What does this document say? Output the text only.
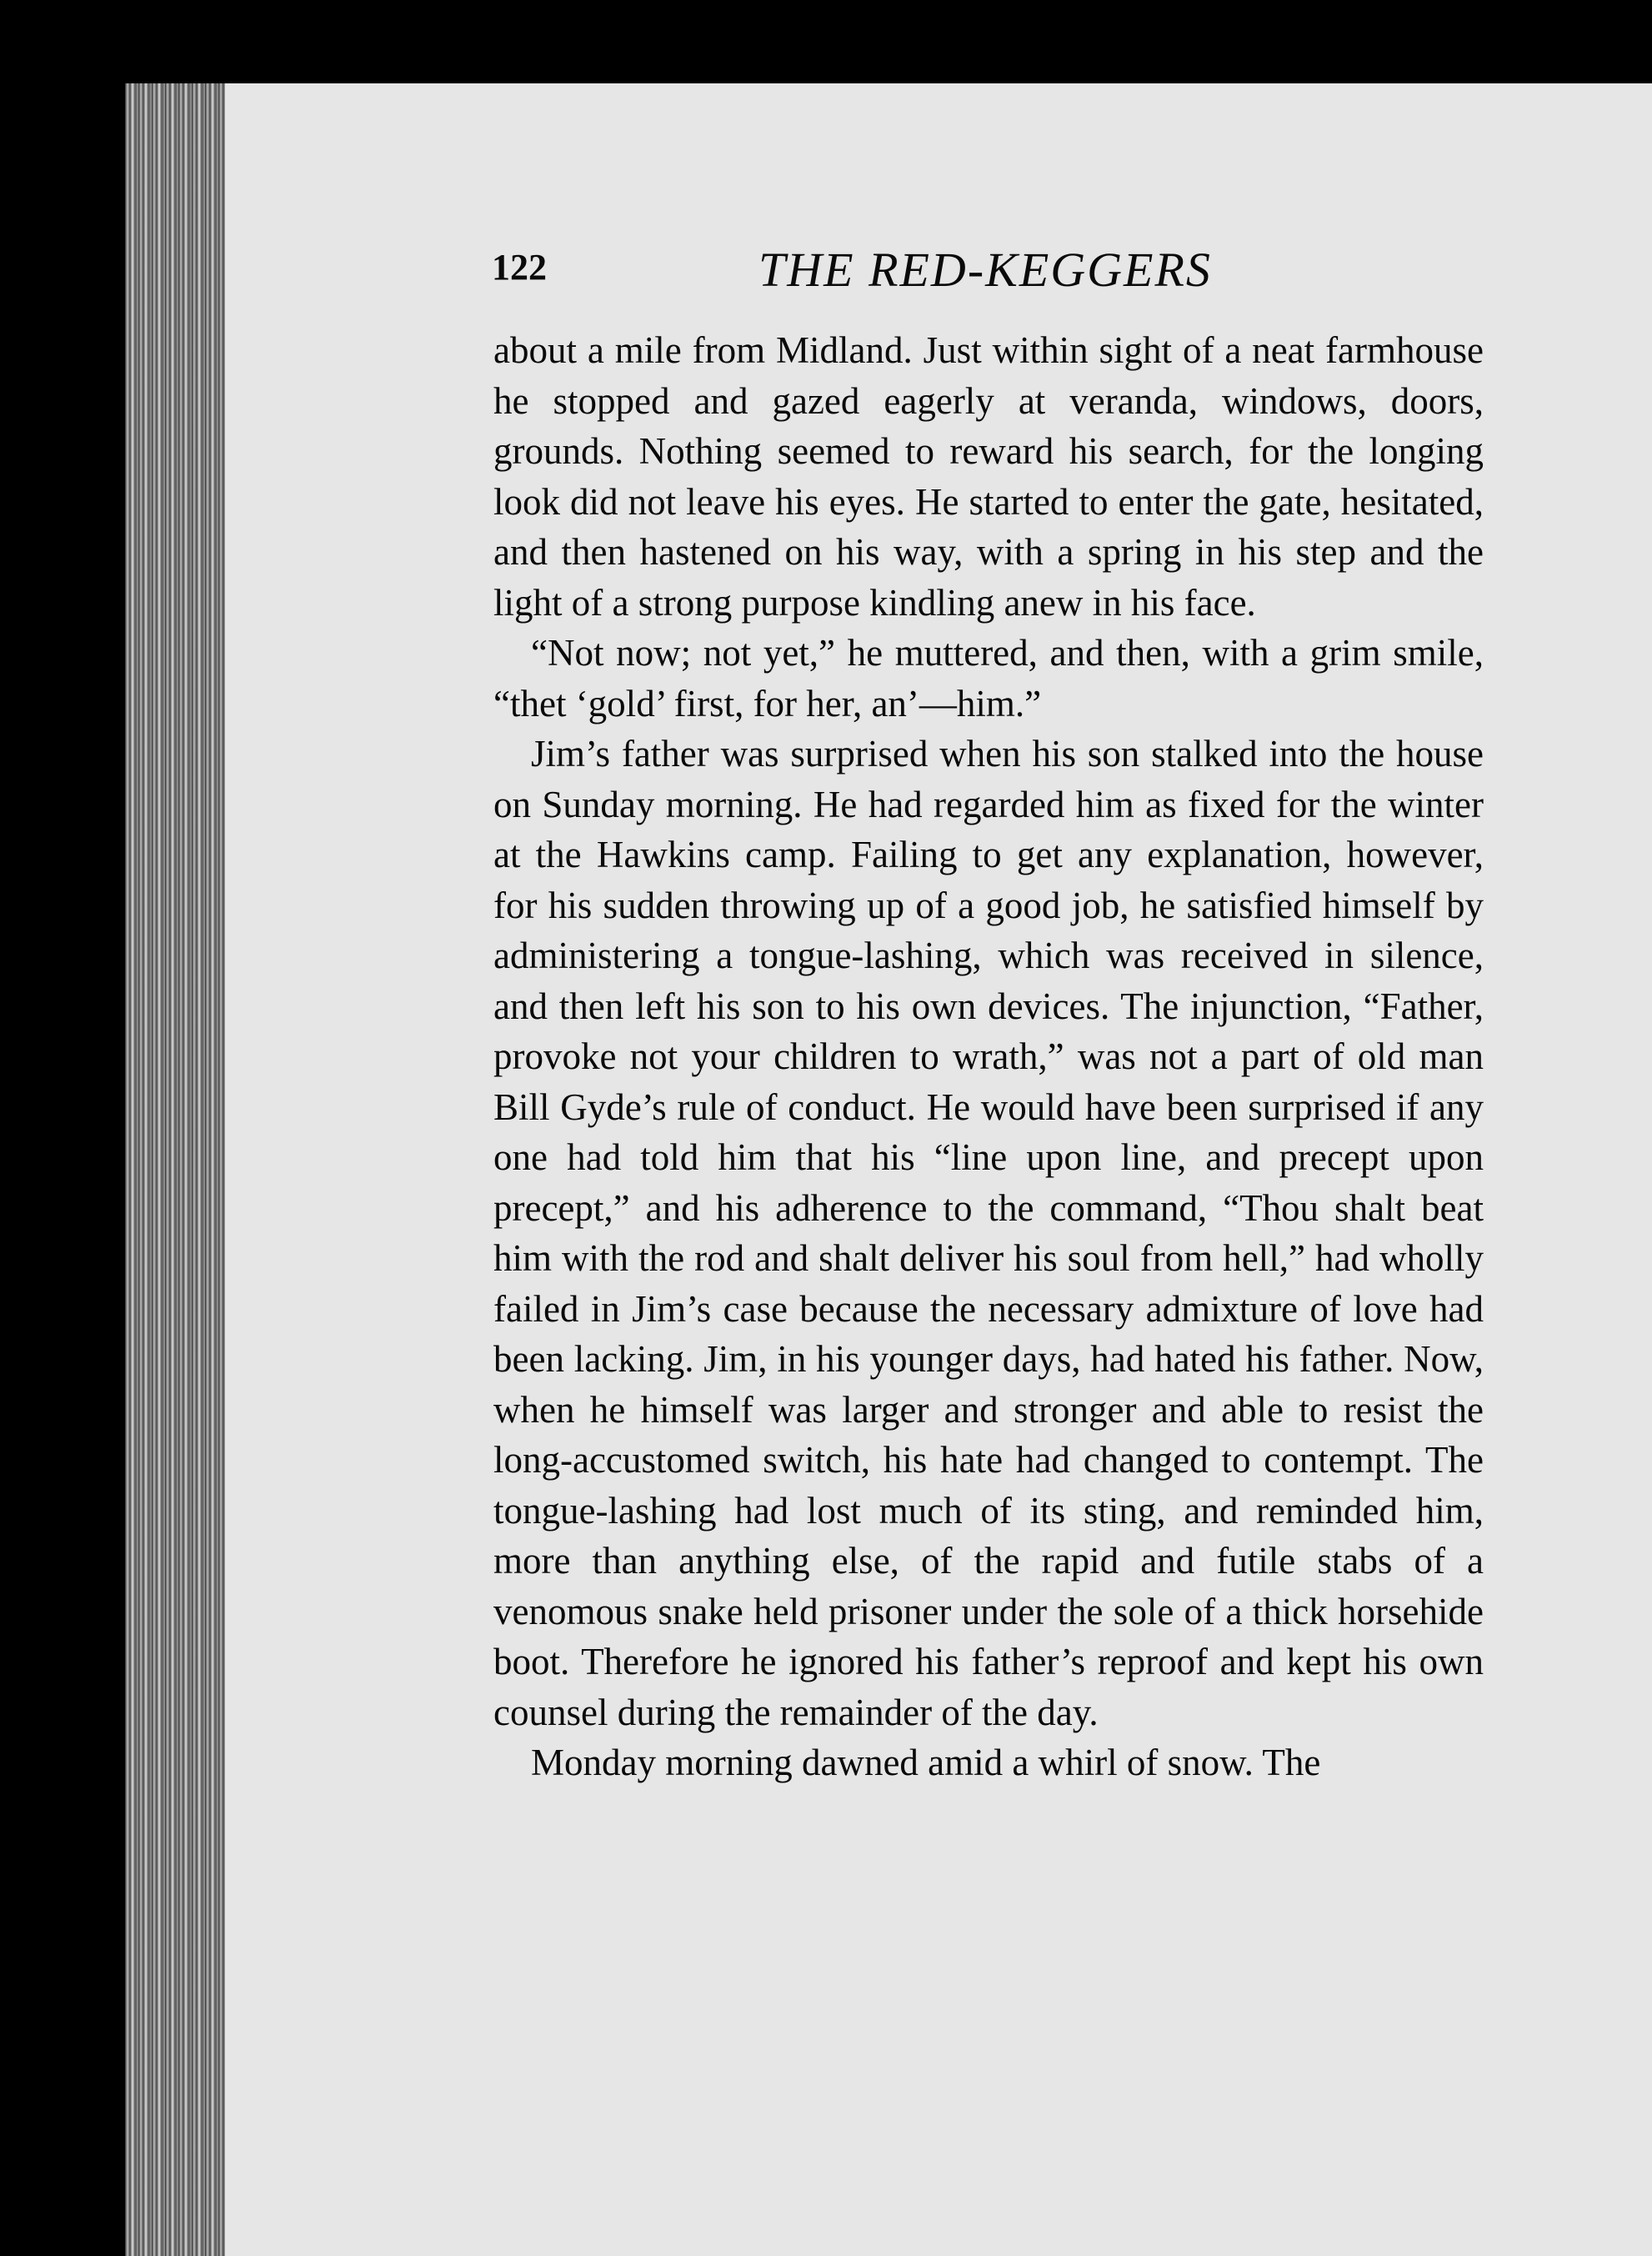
122	THE RED-KEGGERS

about a mile from Midland. Just within sight of a neat farmhouse he stopped and gazed eagerly at veranda, windows, doors, grounds. Nothing seemed to reward his search, for the longing look did not leave his eyes. He started to enter the gate, hesitated, and then hastened on his way, with a spring in his step and the light of a strong purpose kindling anew in his face.

“Not now; not yet,” he muttered, and then, with a grim smile, “thet ‘gold’ first, for her, an’—him.”

Jim’s father was surprised when his son stalked into the house on Sunday morning. He had regarded him as fixed for the winter at the Hawkins camp. Failing to get any explanation, however, for his sudden throwing up of a good job, he satisfied himself by administering a tongue-lashing, which was received in silence, and then left his son to his own devices. The injunction, “Father, provoke not your children to wrath,” was not a part of old man Bill Gyde’s rule of conduct. He would have been surprised if any one had told him that his “line upon line, and precept upon precept,” and his adherence to the command, “Thou shalt beat him with the rod and shalt deliver his soul from hell,” had wholly failed in Jim’s case because the necessary admixture of love had been lacking. Jim, in his younger days, had hated his father. Now, when he himself was larger and stronger and able to resist the long-accustomed switch, his hate had changed to contempt. The tongue-lashing had lost much of its sting, and reminded him, more than anything else, of the rapid and futile stabs of a venomous snake held prisoner under the sole of a thick horsehide boot. Therefore he ignored his father’s reproof and kept his own counsel during the remainder of the day.

Monday morning dawned amid a whirl of snow. The
